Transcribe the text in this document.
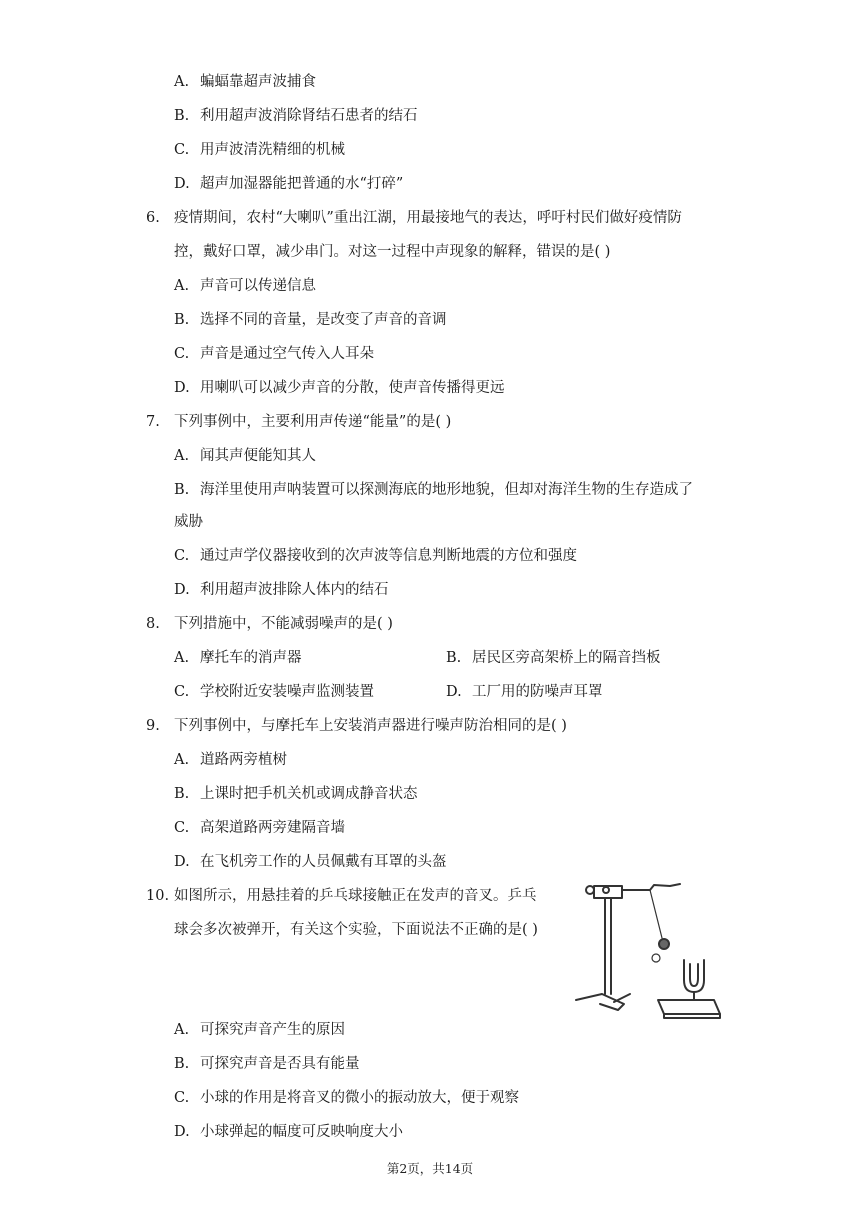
A. 蝙蝠靠超声波捕食
B. 利用超声波消除肾结石患者的结石
C. 用声波清洗精细的机械
D. 超声加湿器能把普通的水“打碎”
6. 疫情期间，农村“大喇叭”重出江湖，用最接地气的表达，呼吁村民们做好疫情防
控，戴好口罩，减少串门。对这一过程中声现象的解释，错误的是( )
A. 声音可以传递信息
B. 选择不同的音量，是改变了声音的音调
C. 声音是通过空气传入人耳朵
D. 用喇叭可以减少声音的分散，使声音传播得更远
7. 下列事例中，主要利用声传递“能量”的是( )
A. 闻其声便能知其人
B. 海洋里使用声呐装置可以探测海底的地形地貌，但却对海洋生物的生存造成了
威胁
C. 通过声学仪器接收到的次声波等信息判断地震的方位和强度
D. 利用超声波排除人体内的结石
8. 下列措施中，不能减弱噪声的是( )
A. 摩托车的消声器	B. 居民区旁高架桥上的隔音挡板
C. 学校附近安装噪声监测装置	D. 工厂用的防噪声耳罩
9. 下列事例中，与摩托车上安装消声器进行噪声防治相同的是( )
A. 道路两旁植树
B. 上课时把手机关机或调成静音状态
C. 高架道路两旁建隔音墙
D. 在飞机旁工作的人员佩戴有耳罩的头盔
10. 如图所示，用悬挂着的乒乓球接触正在发声的音叉。乒乓
球会多次被弹开，有关这个实验，下面说法不正确的是( )
A. 可探究声音产生的原因
B. 可探究声音是否具有能量
C. 小球的作用是将音叉的微小的振动放大，便于观察
D. 小球弹起的幅度可反映响度大小
第2页，共14页
